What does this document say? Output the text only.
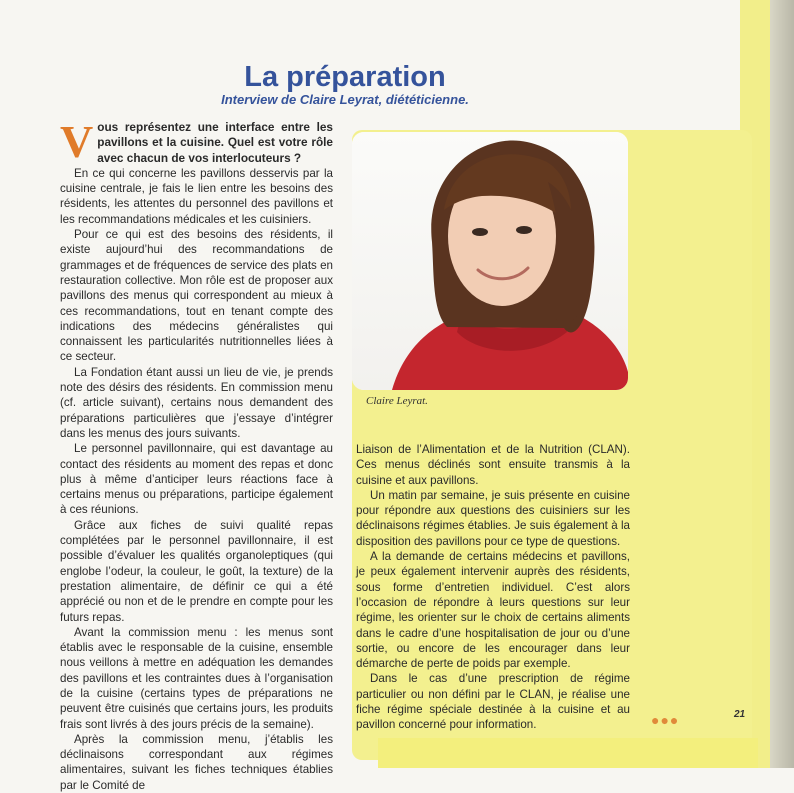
La préparation
Interview de Claire Leyrat, diététicienne.

Vous représentez une interface entre les pavillons et la cuisine. Quel est votre rôle avec chacun de vos interlocuteurs ?

En ce qui concerne les pavillons desservis par la cuisine centrale, je fais le lien entre les besoins des résidents, les attentes du personnel des pavillons et les recommandations médicales et les cuisiniers.

Pour ce qui est des besoins des résidents, il existe aujourd’hui des recommandations de grammages et de fréquences de service des plats en restauration collective. Mon rôle est de proposer aux pavillons des menus qui correspondent au mieux à ces recommandations, tout en tenant compte des indications des médecins généralistes qui connaissent les particularités nutritionnelles liées à ce secteur.

La Fondation étant aussi un lieu de vie, je prends note des désirs des résidents. En commission menu (cf. article suivant), certains nous demandent des préparations particulières que j’essaye d’intégrer dans les menus des jours suivants.

Le personnel pavillonnaire, qui est davantage au contact des résidents au moment des repas et donc plus à même d’anticiper leurs réactions face à certains menus ou préparations, participe également à ces réunions.

Grâce aux fiches de suivi qualité repas complétées par le personnel pavillonnaire, il est possible d’évaluer les qualités organoleptiques (qui englobe l’odeur, la couleur, le goût, la texture) de la prestation alimentaire, de définir ce qui a été apprécié ou non et de le prendre en compte pour les futurs repas.

Avant la commission menu : les menus sont établis avec le responsable de la cuisine, ensemble nous veillons à mettre en adéquation les demandes des pavillons et les contraintes dues à l’organisation de la cuisine (certains types de préparations ne peuvent être cuisinés que certains jours, les produits frais sont livrés à des jours précis de la semaine).

Après la commission menu, j’établis les déclinaisons correspondant aux régimes alimentaires, suivant les fiches techniques établies par le Comité de

Claire Leyrat.

Liaison de l’Alimentation et de la Nutrition (CLAN). Ces menus déclinés sont ensuite transmis à la cuisine et aux pavillons.

Un matin par semaine, je suis présente en cuisine pour répondre aux questions des cuisiniers sur les déclinaisons régimes établies. Je suis également à la disposition des pavillons pour ce type de questions.

A la demande de certains médecins et pavillons, je peux également intervenir auprès des résidents, sous forme d’entretien individuel. C’est alors l’occasion de répondre à leurs questions sur leur régime, les orienter sur le choix de certains aliments dans le cadre d’une hospitalisation de jour ou d’une sortie, ou encore de les encourager dans leur démarche de perte de poids par exemple.

Dans le cas d’une prescription de régime particulier ou non défini par le CLAN, je réalise une fiche régime spéciale destinée à la cuisine et au pavillon concerné pour information.	●●●	21
